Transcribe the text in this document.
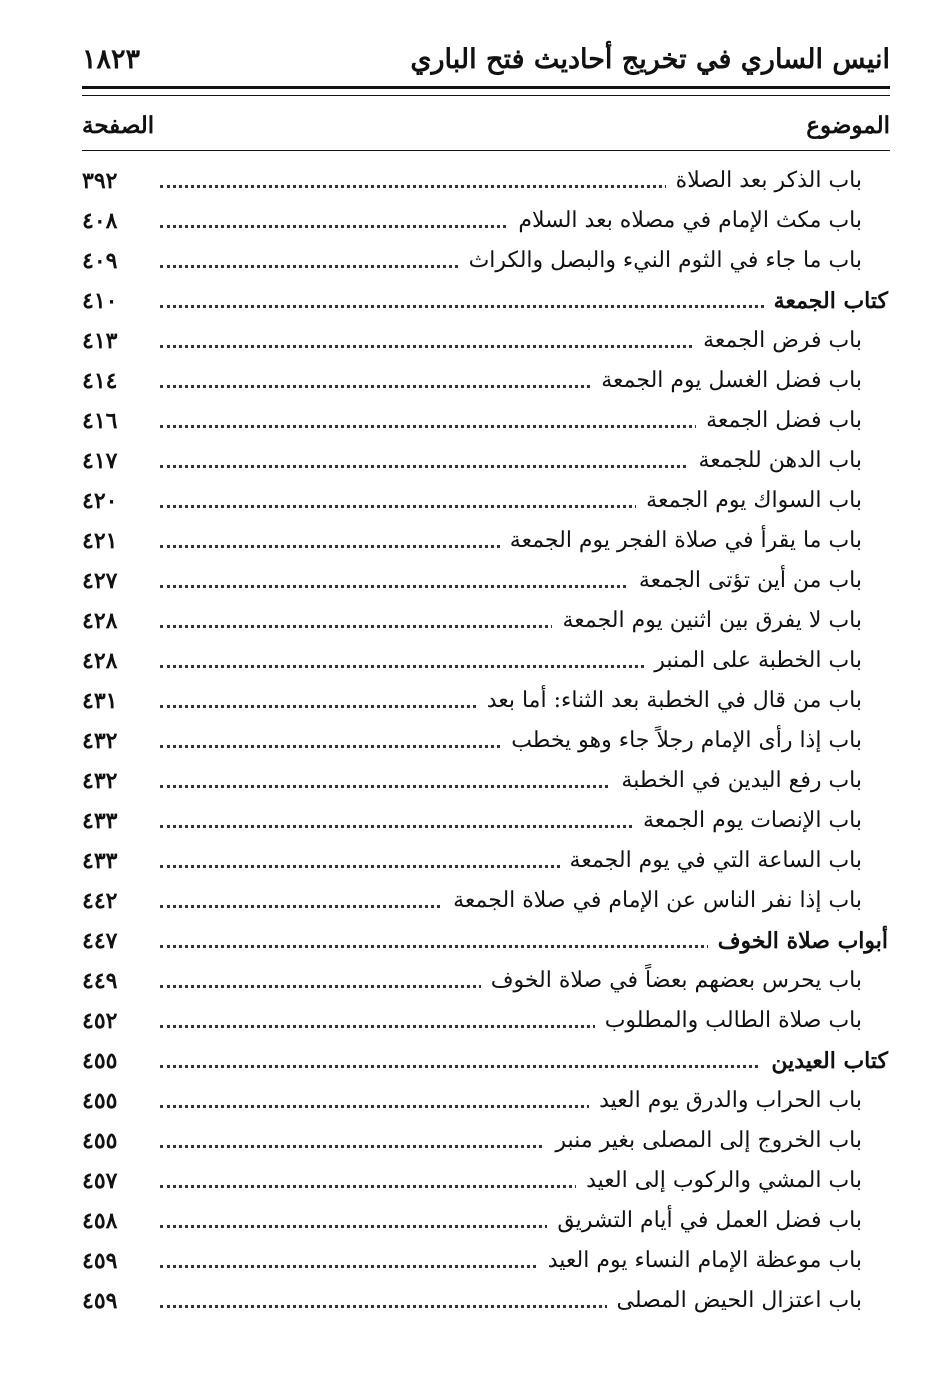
انيس الساري في تخريج أحاديث فتح الباري
١٨٢٣
الموضوع
الصفحة
باب الذكر بعد الصلاة
٣٩٢
باب مكث الإمام في مصلاه بعد السلام
٤٠٨
باب ما جاء في الثوم النيء والبصل والكراث
٤٠٩
كتاب الجمعة
٤١٠
باب فرض الجمعة
٤١٣
باب فضل الغسل يوم الجمعة
٤١٤
باب فضل الجمعة
٤١٦
باب الدهن للجمعة
٤١٧
باب السواك يوم الجمعة
٤٢٠
باب ما يقرأ في صلاة الفجر يوم الجمعة
٤٢١
باب من أين تؤتى الجمعة
٤٢٧
باب لا يفرق بين اثنين يوم الجمعة
٤٢٨
باب الخطبة على المنبر
٤٢٨
باب من قال في الخطبة بعد الثناء: أما بعد
٤٣١
باب إذا رأى الإمام رجلاً جاء وهو يخطب
٤٣٢
باب رفع اليدين في الخطبة
٤٣٢
باب الإنصات يوم الجمعة
٤٣٣
باب الساعة التي في يوم الجمعة
٤٣٣
باب إذا نفر الناس عن الإمام في صلاة الجمعة
٤٤٢
أبواب صلاة الخوف
٤٤٧
باب يحرس بعضهم بعضاً في صلاة الخوف
٤٤٩
باب صلاة الطالب والمطلوب
٤٥٢
كتاب العيدين
٤٥٥
باب الحراب والدرق يوم العيد
٤٥٥
باب الخروج إلى المصلى بغير منبر
٤٥٥
باب المشي والركوب إلى العيد
٤٥٧
باب فضل العمل في أيام التشريق
٤٥٨
باب موعظة الإمام النساء يوم العيد
٤٥٩
باب اعتزال الحيض المصلى
٤٥٩
